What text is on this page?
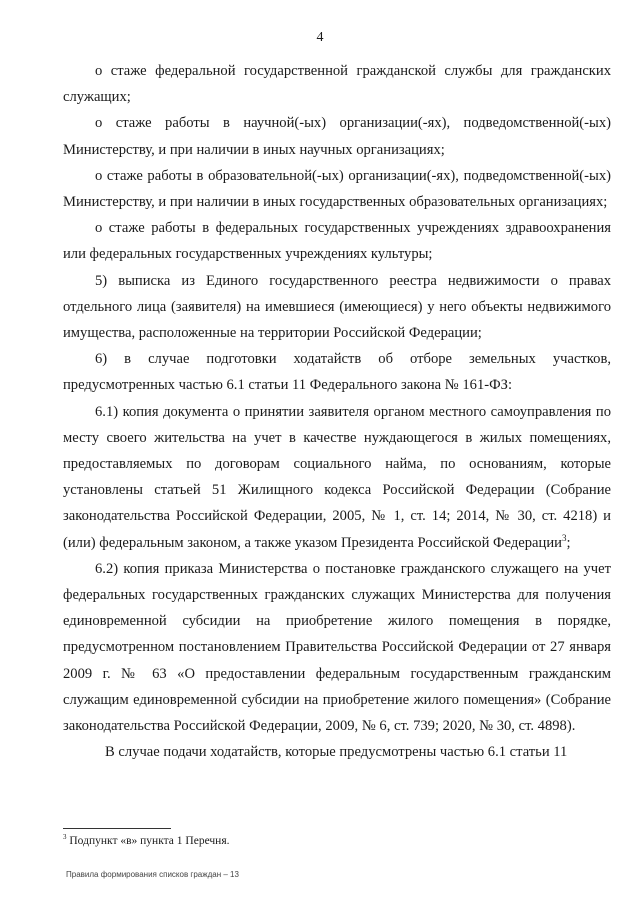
4

о стаже федеральной государственной гражданской службы для гражданских служащих;

о стаже работы в научной(-ых) организации(-ях), подведомственной(-ых) Министерству, и при наличии в иных научных организациях;

о стаже работы в образовательной(-ых) организации(-ях), подведомственной(-ых) Министерству, и при наличии в иных государственных образовательных организациях;

о стаже работы в федеральных государственных учреждениях здравоохранения или федеральных государственных учреждениях культуры;

5) выписка из Единого государственного реестра недвижимости о правах отдельного лица (заявителя) на имевшиеся (имеющиеся) у него объекты недвижимого имущества, расположенные на территории Российской Федерации;

6) в случае подготовки ходатайств об отборе земельных участков, предусмотренных частью 6.1 статьи 11 Федерального закона № 161-ФЗ:

6.1) копия документа о принятии заявителя органом местного самоуправления по месту своего жительства на учет в качестве нуждающегося в жилых помещениях, предоставляемых по договорам социального найма, по основаниям, которые установлены статьей 51 Жилищного кодекса Российской Федерации (Собрание законодательства Российской Федерации, 2005, № 1, ст. 14; 2014, № 30, ст. 4218) и (или) федеральным законом, а также указом Президента Российской Федерации$^3$;

6.2) копия приказа Министерства о постановке гражданского служащего на учет федеральных государственных гражданских служащих Министерства для получения единовременной субсидии на приобретение жилого помещения в порядке, предусмотренном постановлением Правительства Российской Федерации от 27 января 2009 г. № 63 «О предоставлении федеральным государственным гражданским служащим единовременной субсидии на приобретение жилого помещения» (Собрание законодательства Российской Федерации, 2009, № 6, ст. 739; 2020, № 30, ст. 4898).

В случае подачи ходатайств, которые предусмотрены частью 6.1 статьи 11

$^3$ Подпункт «в» пункта 1 Перечня.
Правила формирования списков граждан – 13
